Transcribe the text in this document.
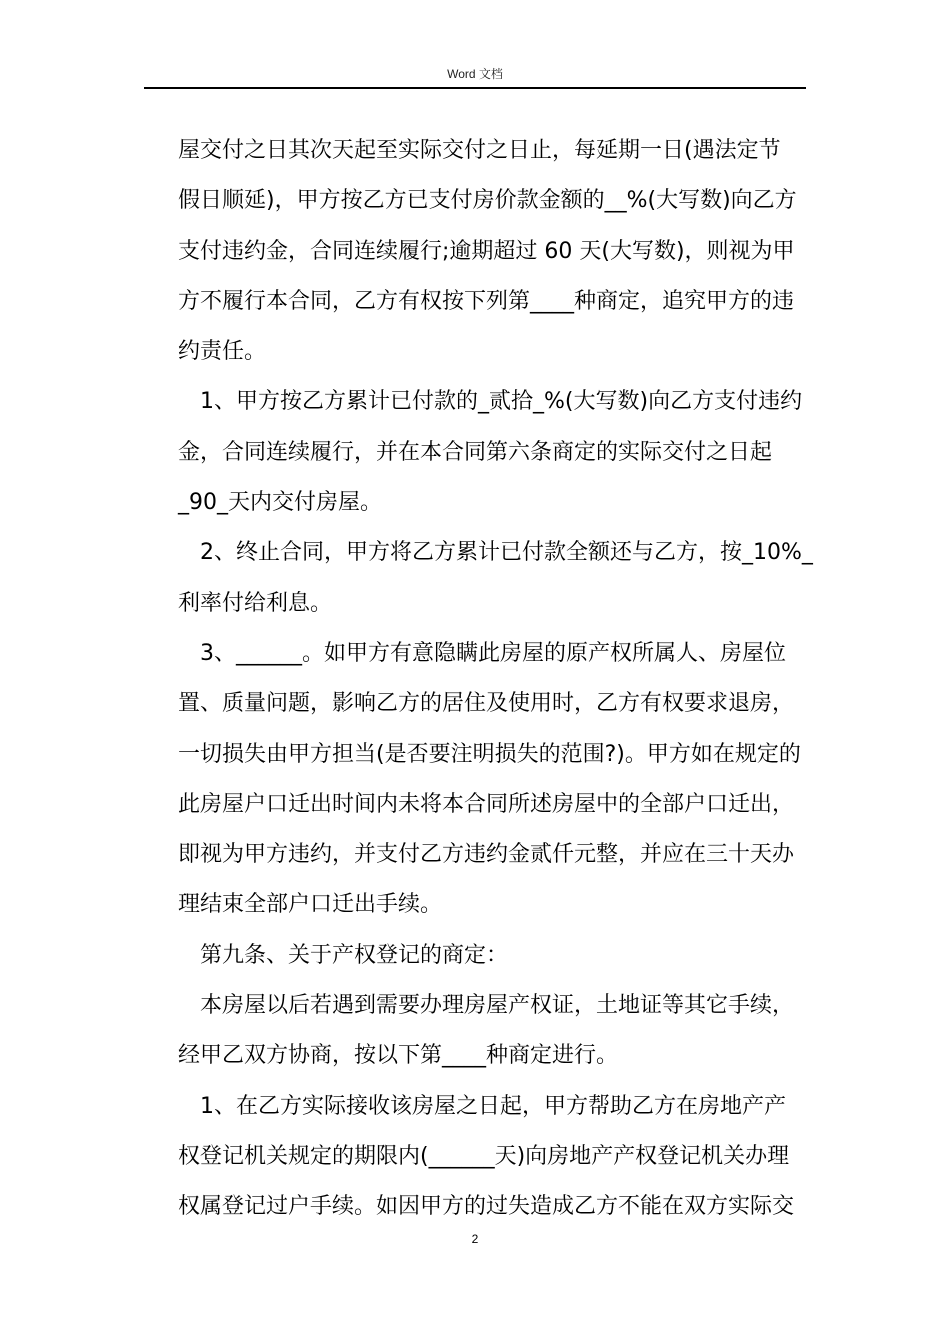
Word 文档
屋交付之日其次天起至实际交付之日止，每延期一日(遇法定节
假日顺延)，甲方按乙方已支付房价款金额的__%(大写数)向乙方
支付违约金，合同连续履行;逾期超过 60 天(大写数)，则视为甲
方不履行本合同，乙方有权按下列第____种商定，追究甲方的违
约责任。
1、甲方按乙方累计已付款的_贰拾_%(大写数)向乙方支付违约
金，合同连续履行，并在本合同第六条商定的实际交付之日起
_90_天内交付房屋。
2、终止合同，甲方将乙方累计已付款全额还与乙方，按_10%_
利率付给利息。
3、______。如甲方有意隐瞒此房屋的原产权所属人、房屋位
置、质量问题，影响乙方的居住及使用时，乙方有权要求退房，
一切损失由甲方担当(是否要注明损失的范围?)。甲方如在规定的
此房屋户口迁出时间内未将本合同所述房屋中的全部户口迁出，
即视为甲方违约，并支付乙方违约金贰仟元整，并应在三十天办
理结束全部户口迁出手续。
第九条、关于产权登记的商定：
本房屋以后若遇到需要办理房屋产权证，土地证等其它手续，
经甲乙双方协商，按以下第____种商定进行。
1、在乙方实际接收该房屋之日起，甲方帮助乙方在房地产产
权登记机关规定的期限内(______天)向房地产产权登记机关办理
权属登记过户手续。如因甲方的过失造成乙方不能在双方实际交
2
